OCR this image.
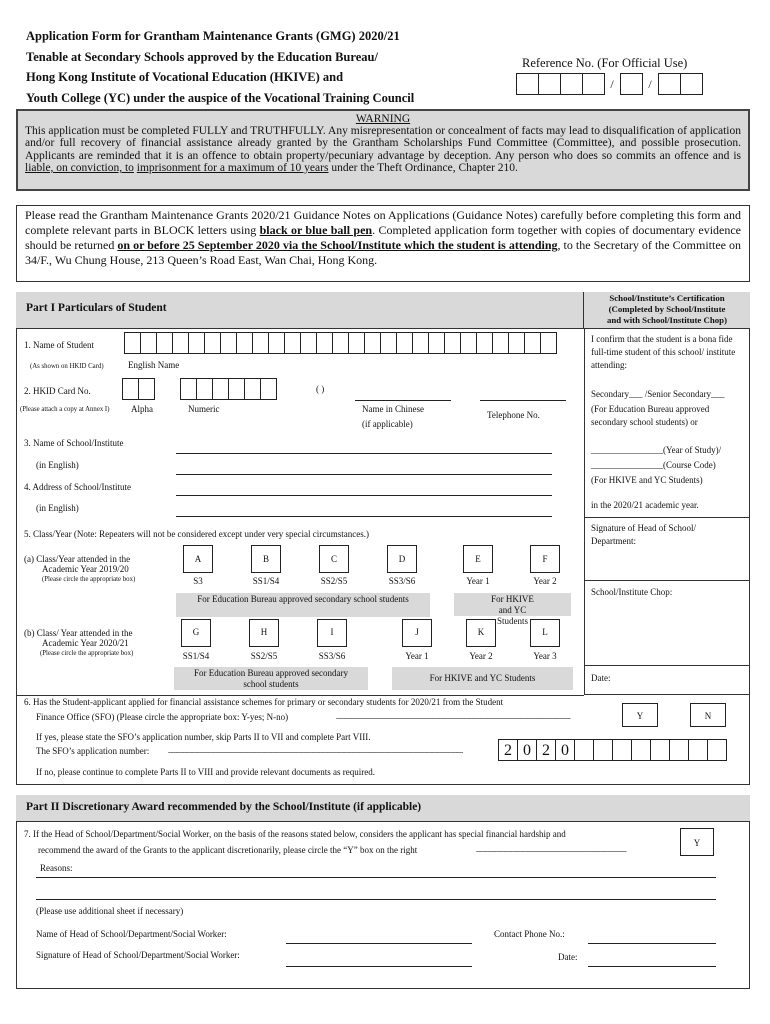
Application Form for Grantham Maintenance Grants (GMG) 2020/21
Tenable at Secondary Schools approved by the Education Bureau/
Hong Kong Institute of Vocational Education (HKIVE) and
Youth College (YC) under the auspice of the Vocational Training Council
Reference No. (For Official Use)
/	/
WARNING
This application must be completed FULLY and TRUTHFULLY. Any misrepresentation or concealment of facts may lead to disqualification of application and/or full recovery of financial assistance already granted by the Grantham Scholarships Fund Committee (Committee), and possible prosecution. Applicants are reminded that it is an offence to obtain property/pecuniary advantage by deception. Any person who does so commits an offence and is liable, on conviction, to imprisonment for a maximum of 10 years under the Theft Ordinance, Chapter 210.
Please read the Grantham Maintenance Grants 2020/21 Guidance Notes on Applications (Guidance Notes) carefully before completing this form and complete relevant parts in BLOCK letters using black or blue ball pen. Completed application form together with copies of documentary evidence should be returned on or before 25 September 2020 via the School/Institute which the student is attending, to the Secretary of the Committee on 34/F., Wu Chung House, 213 Queen’s Road East, Wan Chai, Hong Kong.
Part I Particulars of Student
School/Institute’s Certification
(Completed by School/Institute
and with School/Institute Chop)
I confirm that the student is a bona fide full-time student of this school/ institute attending:
Secondary___ /Senior Secondary___
(For Education Bureau approved secondary school students) or
________________(Year of Study)/
________________(Course Code)
(For HKIVE and YC Students)
in the 2020/21 academic year.
Signature of Head of School/ Department:
School/Institute Chop:
Date:
1. Name of Student
(As shown on HKID Card)	English Name
2. HKID Card No.
(Please attach a copy at Annex I)
( )
Alpha	Numeric	Name in Chinese
(if applicable)
Telephone No.
3. Name of School/Institute
(in English)
4. Address of School/Institute
(in English)
5. Class/Year (Note: Repeaters will not be considered except under very special circumstances.)
(a) Class/Year attended in the
Academic Year 2019/20
(Please circle the appropriate box)
A	B	C	D	E	F
S3	SS1/S4	SS2/S5	SS3/S6	Year 1	Year 2
For Education Bureau approved secondary school students	For HKIVE and YC Students
(b) Class/ Year attended in the
Academic Year 2020/21
(Please circle the appropriate box)
G	H	I	J	K	L
SS1/S4	SS2/S5	SS3/S6	Year 1	Year 2	Year 3
For Education Bureau approved secondary school students
For HKIVE and YC Students
6. Has the Student-applicant applied for financial assistance schemes for primary or secondary students for 2020/21 from the Student
Finance Office (SFO) (Please circle the appropriate box: Y-yes; N-no)	--------------------------------------------------------------------------------------------------------------------------------	Y	N
If yes, please state the SFO’s application number, skip Parts II to VII and complete Part VIII.
The SFO’s application number:	-----------------------------------------------------------------------------------------------------------------------------------------------------------------	2 0 2 0
If no, please continue to complete Parts II to VIII and provide relevant documents as required.
Part II Discretionary Award recommended by the School/Institute (if applicable)
7. If the Head of School/Department/Social Worker, on the basis of the reasons stated below, considers the applicant has special financial hardship and
recommend the award of the Grants to the applicant discretionarily, please circle the “Y” box on the right	----------------------------------------------------------------------------------
Y
Reasons:
(Please use additional sheet if necessary)
Name of Head of School/Department/Social Worker:	Contact Phone No.:
Signature of Head of School/Department/Social Worker:	Date:
